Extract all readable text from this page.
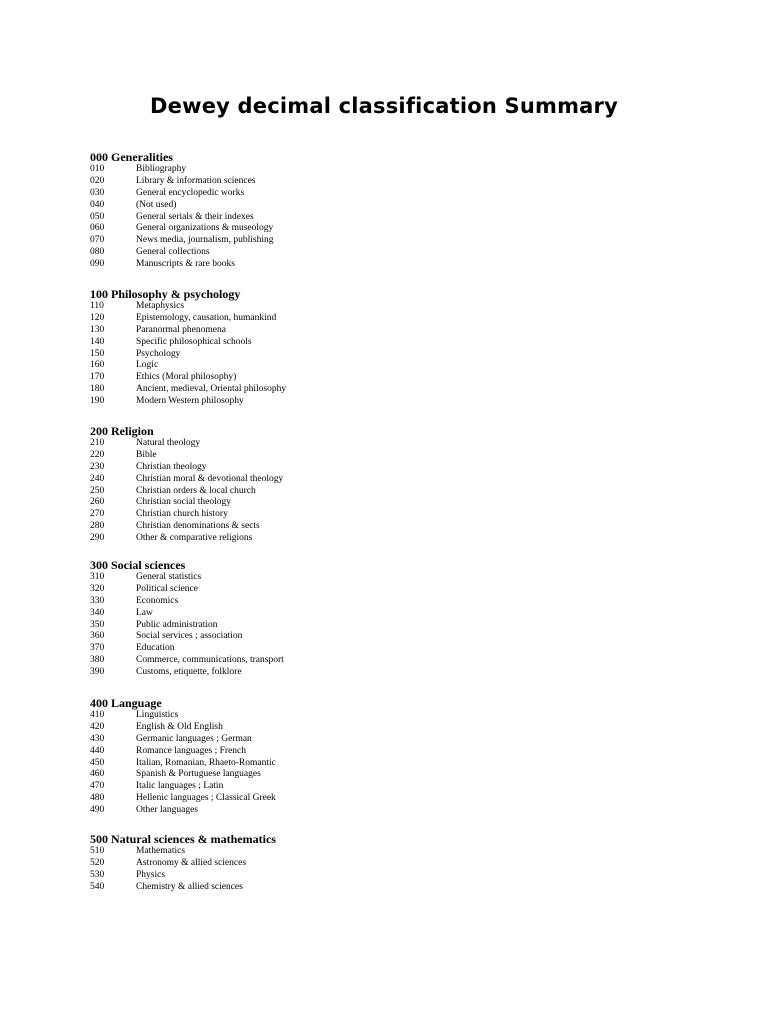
Dewey decimal classification Summary
000 Generalities
010	Bibliography
020	Library & information sciences
030	General encyclopedic works
040	(Not used)
050	General serials & their indexes
060	General organizations & museology
070	News media, journalism, publishing
080	General collections
090	Manuscripts & rare books
100 Philosophy & psychology
110	Metaphysics
120	Epistemology, causation, humankind
130	Paranormal phenomena
140	Specific philosophical schools
150	Psychology
160	Logic
170	Ethics (Moral philosophy)
180	Ancient, medieval, Oriental philosophy
190	Modern Western philosophy
200 Religion
210	Natural theology
220	Bible
230	Christian theology
240	Christian moral & devotional theology
250	Christian orders & local church
260	Christian social theology
270	Christian church history
280	Christian denominations & sects
290	Other & comparative religions
300 Social sciences
310	General statistics
320	Political science
330	Economics
340	Law
350	Public administration
360	Social services ; association
370	Education
380	Commerce, communications, transport
390	Customs, etiquette, folklore
400 Language
410	Linguistics
420	English & Old English
430	Germanic languages ; German
440	Romance languages ; French
450	Italian, Romanian, Rhaeto-Romantic
460	Spanish & Portuguese languages
470	Italic languages ; Latin
480	Hellenic languages ; Classical Greek
490	Other languages
500 Natural sciences & mathematics
510	Mathematics
520	Astronomy & allied sciences
530	Physics
540	Chemistry & allied sciences
